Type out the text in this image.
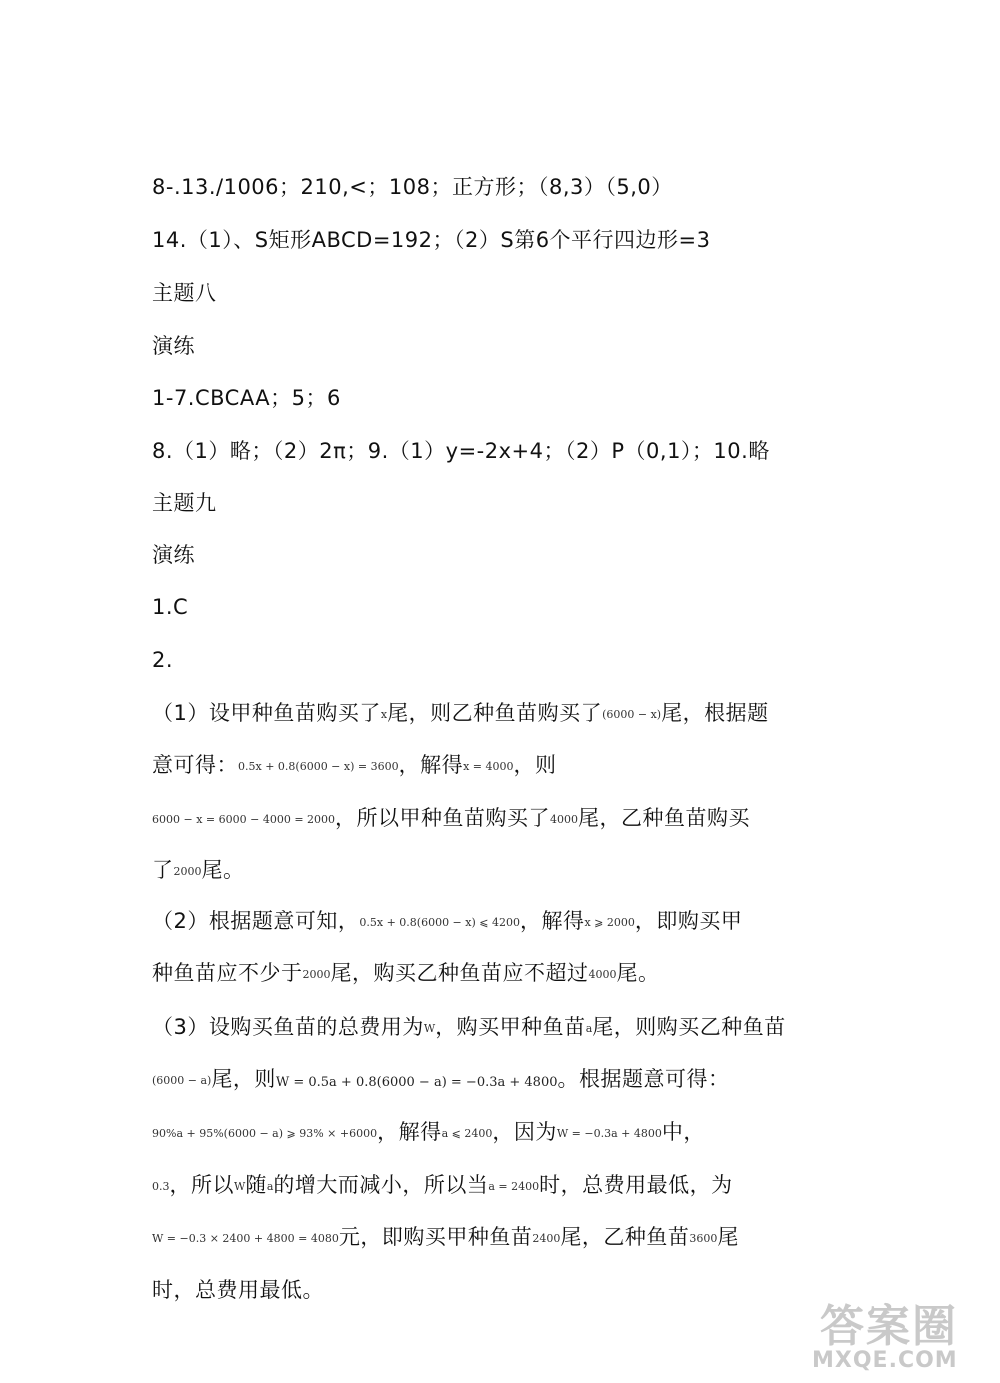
8-.13./1006；210,<；108；正方形；（8,3）（5,0）
14.（1）、S矩形ABCD=192；（2）S第6个平行四边形=3
主题八
演练
1-7.CBCAA；5；6
8.（1）略；（2）2π；9.（1）y=-2x+4；（2）P（0,1）；10.略
主题九
演练
1.C
2.
（1）设甲种鱼苗购买了x尾，则乙种鱼苗购买了(6000 − x)尾，根据题
意可得：0.5x + 0.8(6000 − x) = 3600，解得x = 4000，则
6000 − x = 6000 − 4000 = 2000，所以甲种鱼苗购买了4000尾，乙种鱼苗购买
了2000尾。
（2）根据题意可知，0.5x + 0.8(6000 − x) ⩽ 4200，解得x ⩾ 2000，即购买甲
种鱼苗应不少于2000尾，购买乙种鱼苗应不超过4000尾。
（3）设购买鱼苗的总费用为W，购买甲种鱼苗a尾，则购买乙种鱼苗
(6000 − a)尾，则W = 0.5a + 0.8(6000 − a) = −0.3a + 4800。根据题意可得：
90%a + 95%(6000 − a) ⩾ 93% × +6000，解得a ⩽ 2400，因为W = −0.3a + 4800中，
0.3，所以W随a的增大而减小，所以当a = 2400时，总费用最低，为
W = −0.3 × 2400 + 4800 = 4080元，即购买甲种鱼苗2400尾，乙种鱼苗3600尾
时，总费用最低。
答案圈
MXQE.COM
